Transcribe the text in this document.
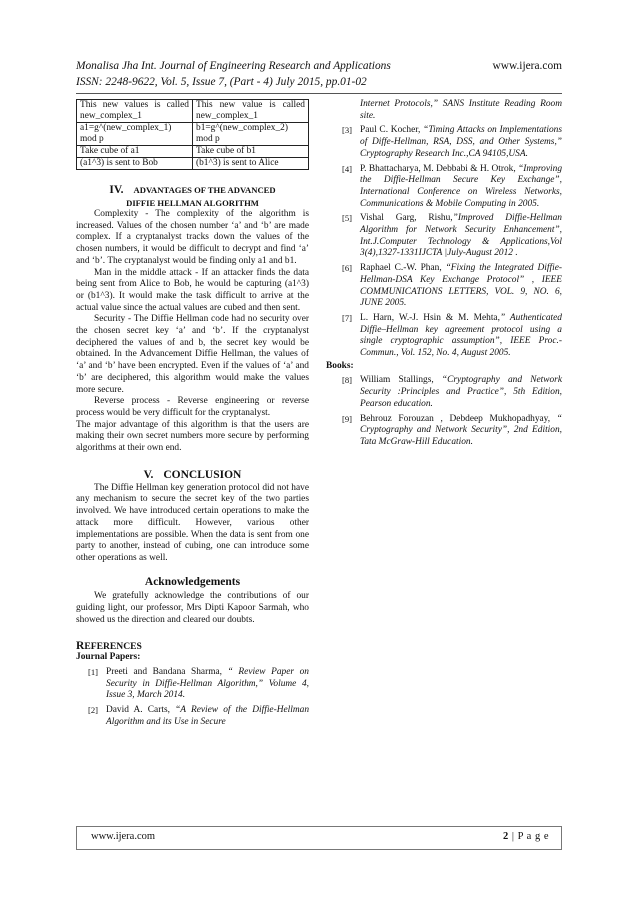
Monalisa Jha Int. Journal of Engineering Research and Applications	www.ijera.com
ISSN: 2248-9622, Vol. 5, Issue 7, (Part - 4) July 2015, pp.01-02
This new values is called new_complex_1	This new value is called new_complex_1
a1=g^(new_complex_1) mod p	b1=g^(new_complex_2) mod p
Take cube of a1	Take cube of b1
(a1^3) is sent to Bob	(b1^3) is sent to Alice
IV. ADVANTAGES OF THE ADVANCED
DIFFIE HELLMAN ALGORITHM

Complexity - The complexity of the algorithm is increased. Values of the chosen number ‘a’ and ‘b’ are made complex. If a cryptanalyst tracks down the values of the chosen numbers, it would be difficult to decrypt and find ‘a’ and ‘b’. The cryptanalyst would be finding only a1 and b1.

Man in the middle attack - If an attacker finds the data being sent from Alice to Bob, he would be capturing (a1^3) or (b1^3). It would make the task difficult to arrive at the actual value since the actual values are cubed and then sent.

Security - The Diffie Hellman code had no security over the chosen secret key ‘a’ and ‘b’. If the cryptanalyst deciphered the values of and b, the secret key would be obtained. In the Advancement Diffie Hellman, the values of ‘a’ and ‘b’ have been encrypted. Even if the values of ‘a’ and ‘b’ are deciphered, this algorithm would make the values more secure.

Reverse process - Reverse engineering or reverse process would be very difficult for the cryptanalyst.

The major advantage of this algorithm is that the users are making their own secret numbers more secure by performing algorithms at their own end.

V. CONCLUSION

The Diffie Hellman key generation protocol did not have any mechanism to secure the secret key of the two parties involved. We have introduced certain operations to make the attack more difficult. However, various other implementations are possible. When the data is sent from one party to another, instead of cubing, one can introduce some other operations as well.

Acknowledgements

We gratefully acknowledge the contributions of our guiding light, our professor, Mrs Dipti Kapoor Sarmah, who showed us the direction and cleared our doubts.

REFERENCES
Journal Papers:
[1] Preeti and Bandana Sharma, “ Review Paper on Security in Diffie-Hellman Algorithm,” Volume 4, Issue 3, March 2014.
[2] David A. Carts, “A Review of the Diffie-Hellman Algorithm and its Use in Secure
Internet Protocols,” SANS Institute Reading Room site.
[3] Paul C. Kocher, “Timing Attacks on Implementations of Diffe-Hellman, RSA, DSS, and Other Systems,” Cryptography Research Inc.,CA 94105,USA.
[4] P. Bhattacharya, M. Debbabi & H. Otrok, “Improving the Diffie-Hellman Secure Key Exchange”, International Conference on Wireless Networks, Communications & Mobile Computing in 2005.
[5] Vishal Garg, Rishu,”Improved Diffie-Hellman Algorithm for Network Security Enhancement”, Int.J.Computer Technology & Applications,Vol 3(4),1327-1331IJCTA |July-August 2012 .
[6] Raphael C.-W. Phan, “Fixing the Integrated Diffie-Hellman-DSA Key Exchange Protocol” , IEEE COMMUNICATIONS LETTERS, VOL. 9, NO. 6, JUNE 2005.
[7] L. Harn, W.-J. Hsin & M. Mehta,” Authenticated Diffie–Hellman key agreement protocol using a single cryptographic assumption”, IEEE Proc.-Commun., Vol. 152, No. 4, August 2005.
Books:
[8] William Stallings, “Cryptography and Network Security :Principles and Practice”, 5th Edition, Pearson education.
[9] Behrouz Forouzan , Debdeep Mukhopadhyay, “ Cryptography and Network Security”, 2nd Edition, Tata McGraw-Hill Education.
www.ijera.com	2 | P a g e
